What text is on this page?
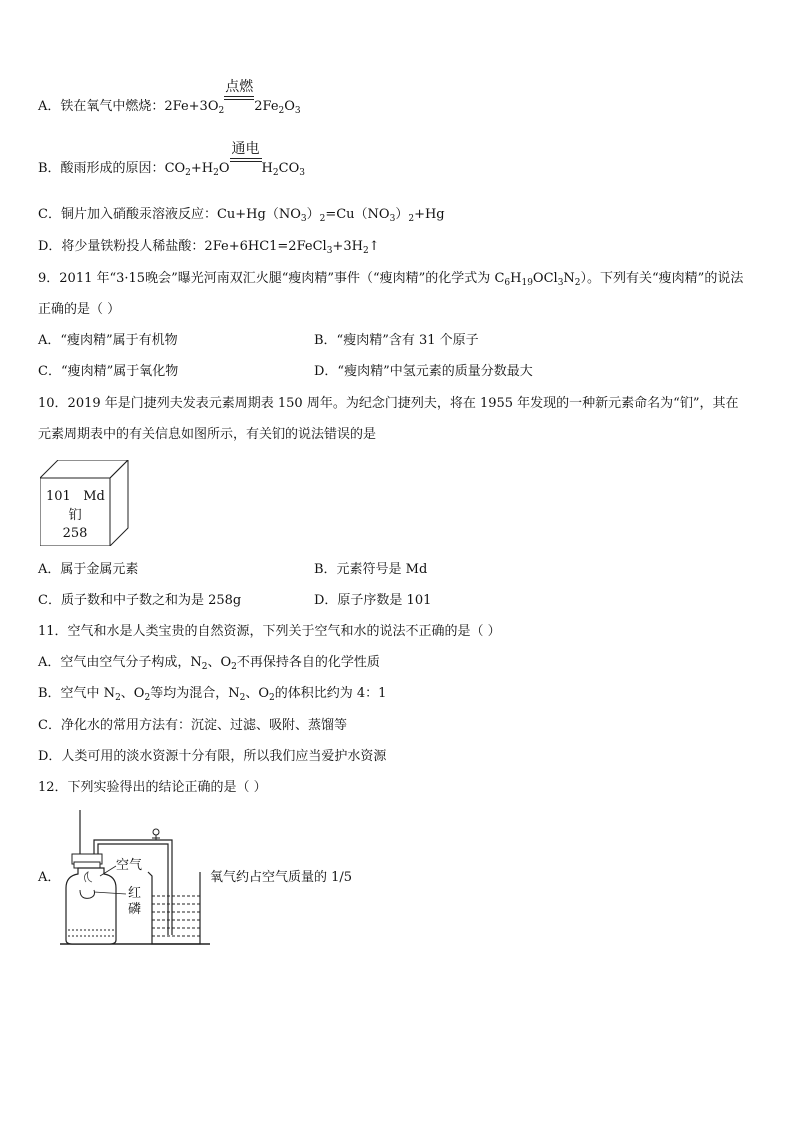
A．铁在氧气中燃烧：$2Fe+3O_2$
点燃
$2Fe_2O_3$
B．酸雨形成的原因：$CO_2+H_2O$
通电
$H_2CO_3$
C．铜片加入硝酸汞溶液反应：$Cu+Hg(NO_3)_2=Cu(NO_3)_2+Hg$
D．将少量铁粉投人稀盐酸：$2Fe+6HC1=2FeCl_3+3H_2↑$
9．2011 年“3·15晚会”曝光河南双汇火腿“瘦肉精”事件（“瘦肉精”的化学式为 $C_6H_{19}OCl_3N_2$）。下列有关“瘦肉精”的说法
正确的是（ ）
A．“瘦肉精”属于有机物	B．“瘦肉精”含有 31 个原子
C．“瘦肉精”属于氧化物	D．“瘦肉精”中氢元素的质量分数最大
10．2019 年是门捷列夫发表元素周期表 150 周年。为纪念门捷列夫，将在 1955 年发现的一种新元素命名为“钔”，其在
元素周期表中的有关信息如图所示，有关钔的说法错误的是
101 Md
钔
258
A．属于金属元素	B．元素符号是 Md
C．质子数和中子数之和为是 258g	D．原子序数是 101
11．空气和水是人类宝贵的自然资源，下列关于空气和水的说法不正确的是（ ）
A．空气由空气分子构成，$N_2$、$O_2$不再保持各自的化学性质
B．空气中 $N_2$、$O_2$等均为混合，$N_2$、$O_2$的体积比约为 4：1
C．净化水的常用方法有：沉淀、过滤、吸附、蒸馏等
D．人类可用的淡水资源十分有限，所以我们应当爱护水资源
12．下列实验得出的结论正确的是（ ）
A．
空气
红
磷
氧气约占空气质量的 1/5
